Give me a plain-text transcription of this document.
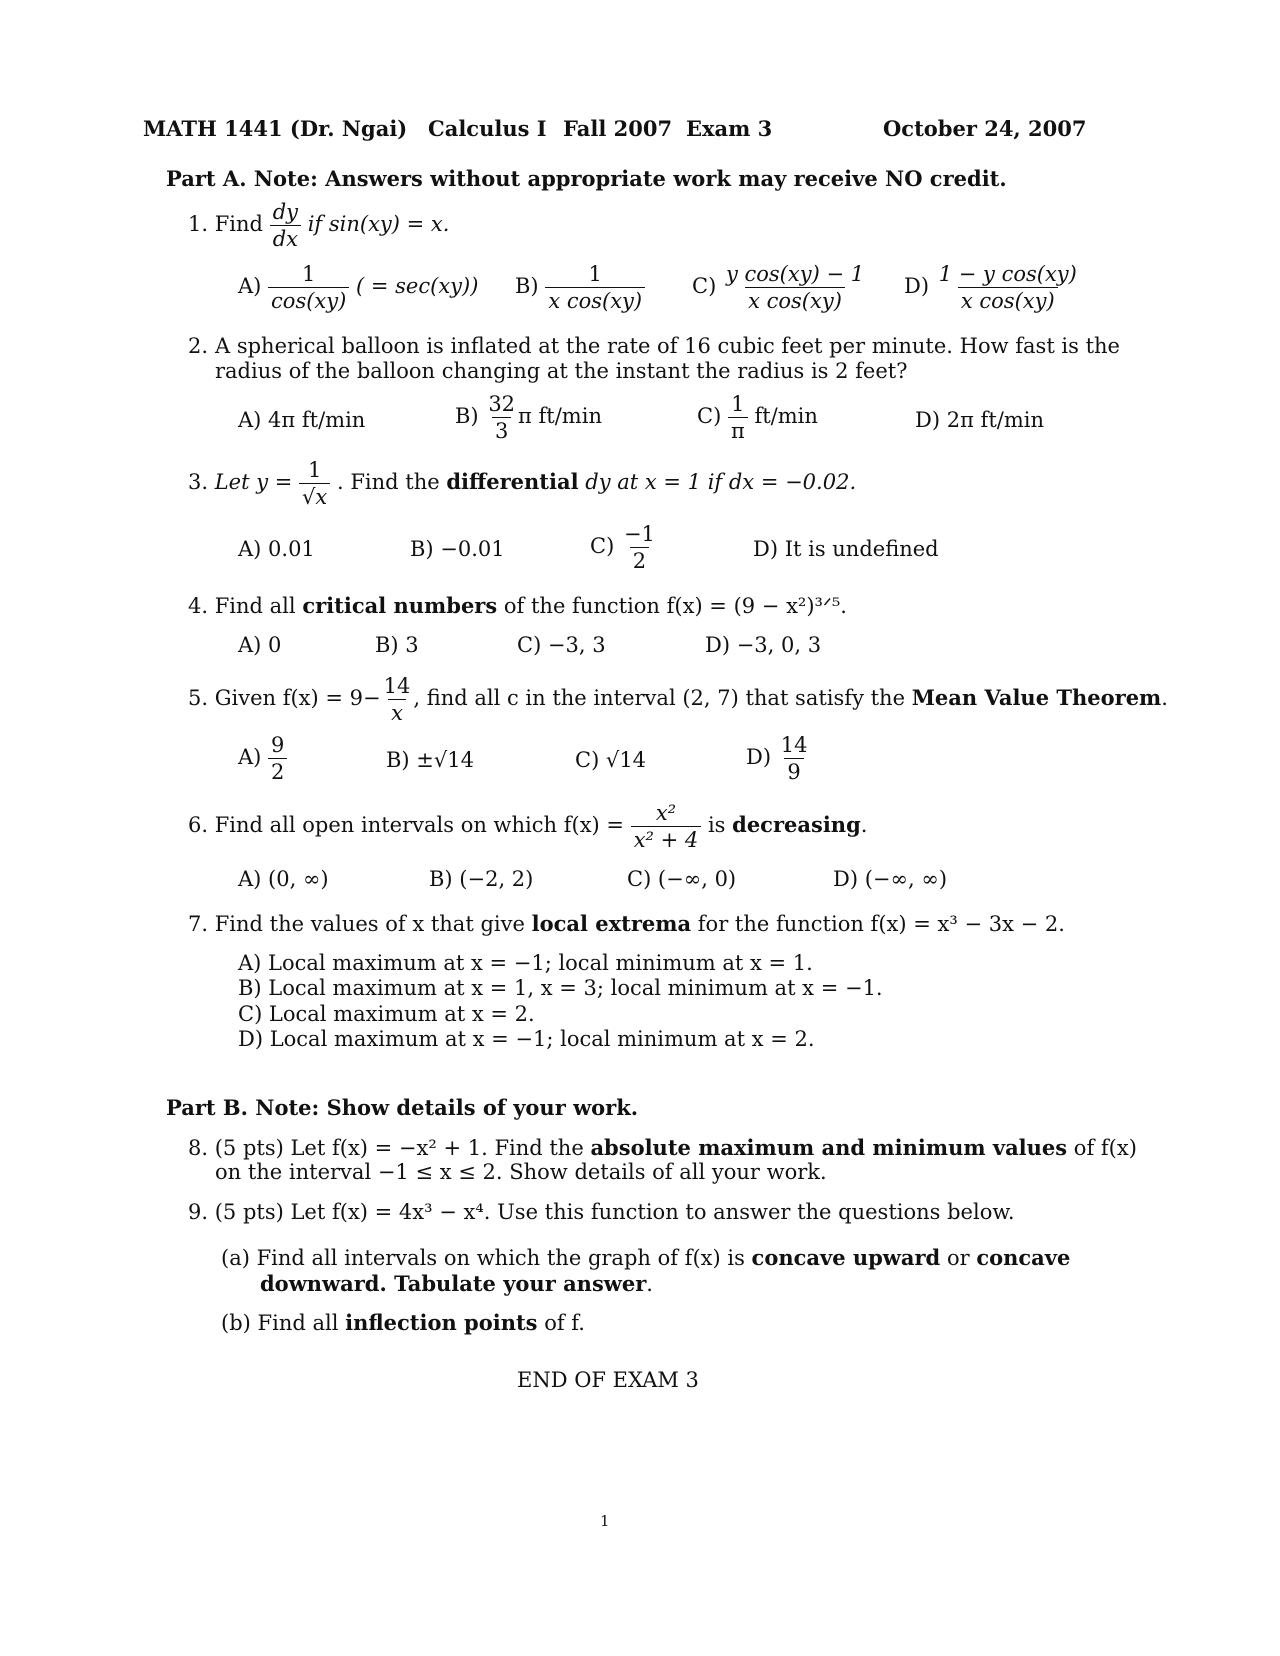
MATH 1441 (Dr. Ngai) Calculus I Fall 2007 Exam 3	October 24, 2007
Part A. Note: Answers without appropriate work may receive NO credit.
1. Find $\frac{dy}{dx}$ if sin(xy) = x.
$A) \frac{1}{\cos(xy)}$ ( = sec(xy)) $B) \frac{1}{\text{x cos(xy)}} C) \frac{\text{y cos(xy) − 1}}{\text{x cos(xy)}} D) \frac{\text{1 − y cos(xy)}}{\text{x cos(xy)}}$
2. A spherical balloon is inflated at the rate of 16 cubic feet per minute. How fast is the
radius of the balloon changing at the instant the radius is 2 feet?
A) 4π ft/min	$B) \frac{32}{3}$ π ft/min	$C) \frac{1}{\pi} ft/\min$	D) 2π ft/min
3. Let $y = \frac{1}{√x}$ . Find the differential dy at x = 1 if dx = −0.02.
A) 0.01	B) −0.01	$C) \frac{-1}{2}$	D) It is undefined
4. Find all critical numbers of the function f(x) = (9 − x²)³ᐟ⁵.
A) 0	B) 3	C) −3, 3	D) −3, 0, 3
5. Given $f(x) = 9- \frac{14}{x}$ , find all c in the interval (2, 7) that satisfy the Mean Value Theorem.
$A) \frac{9}{2}$	B) ±√14	C) √14	$D) \frac{14}{9}$
6. Find all open intervals on which $f(x) = \frac{\text{x²}}{\text{x² + 4}}$ is decreasing.
A) (0, ∞)	B) (−2, 2)	C) (−∞, 0)	D) (−∞, ∞)
7. Find the values of x that give local extrema for the function f(x) = x³ − 3x − 2.
A) Local maximum at x = −1; local minimum at x = 1.
B) Local maximum at x = 1, x = 3; local minimum at x = −1.
C) Local maximum at x = 2.
D) Local maximum at x = −1; local minimum at x = 2.
Part B. Note: Show details of your work.
8. (5 pts) Let f(x) = −x² + 1. Find the absolute maximum and minimum values of f(x)
on the interval −1 ≤ x ≤ 2. Show details of all your work.
9. (5 pts) Let f(x) = 4x³ − x⁴. Use this function to answer the questions below.
(a) Find all intervals on which the graph of f(x) is concave upward or concave
downward. Tabulate your answer.
(b) Find all inflection points of f.
END OF EXAM 3
1
